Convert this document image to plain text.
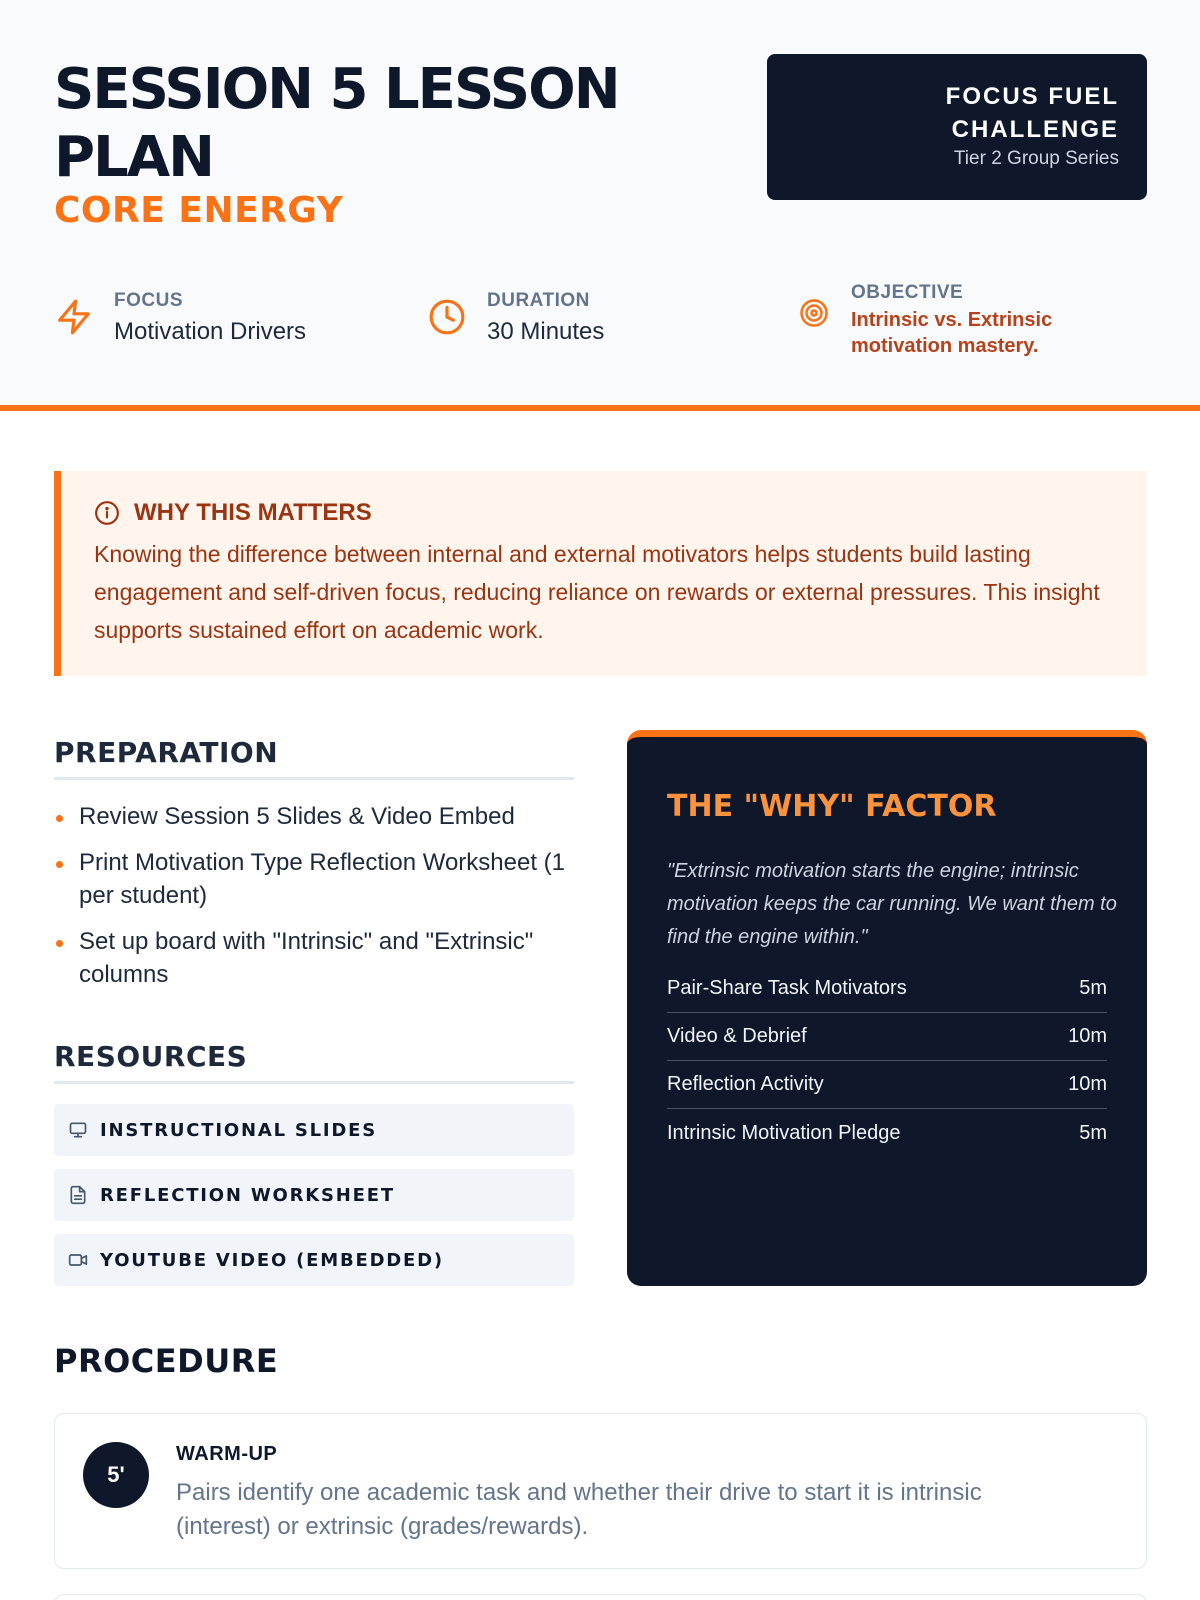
SESSION 5 LESSON PLAN
CORE ENERGY
FOCUS FUEL CHALLENGE
Tier 2 Group Series
FOCUS
Motivation Drivers
DURATION
30 Minutes
OBJECTIVE
Intrinsic vs. Extrinsic motivation mastery.
WHY THIS MATTERS
Knowing the difference between internal and external motivators helps students build lasting engagement and self-driven focus, reducing reliance on rewards or external pressures. This insight supports sustained effort on academic work.
PREPARATION
Review Session 5 Slides & Video Embed
Print Motivation Type Reflection Worksheet (1 per student)
Set up board with "Intrinsic" and "Extrinsic" columns
RESOURCES
INSTRUCTIONAL SLIDES
REFLECTION WORKSHEET
YOUTUBE VIDEO (EMBEDDED)
THE "WHY" FACTOR
"Extrinsic motivation starts the engine; intrinsic motivation keeps the car running. We want them to find the engine within."
Pair-Share Task Motivators	5m
Video & Debrief	10m
Reflection Activity	10m
Intrinsic Motivation Pledge	5m
PROCEDURE
5'
WARM-UP
Pairs identify one academic task and whether their drive to start it is intrinsic (interest) or extrinsic (grades/rewards).
